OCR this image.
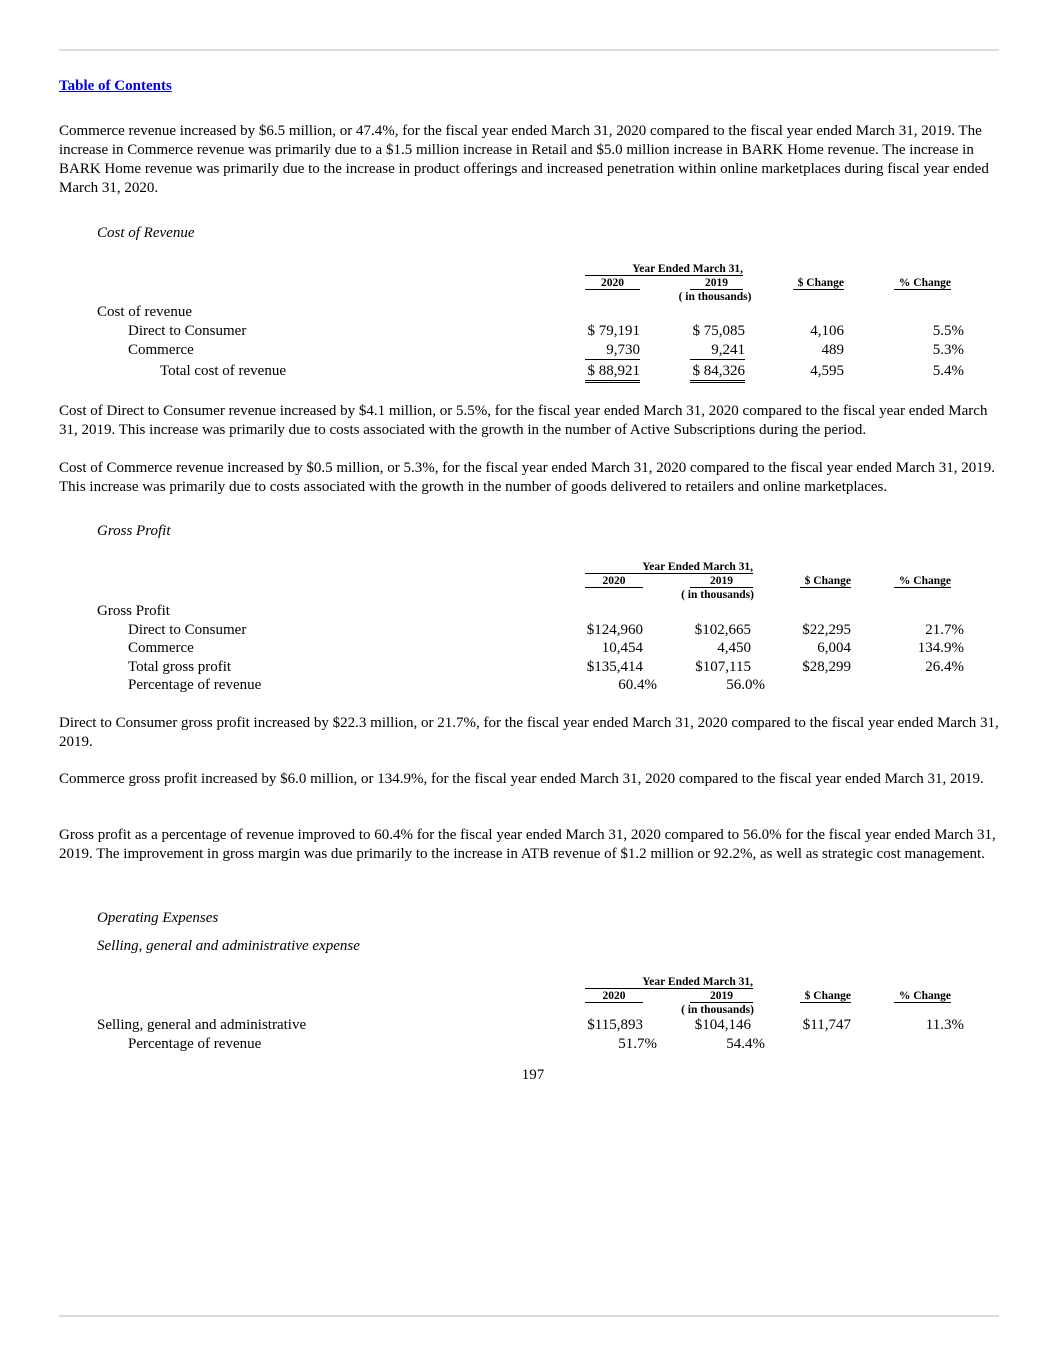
Table of Contents

Commerce revenue increased by $6.5 million, or 47.4%, for the fiscal year ended March 31, 2020 compared to the fiscal year ended March 31, 2019. The increase in Commerce revenue was primarily due to a $1.5 million increase in Retail and $5.0 million increase in BARK Home revenue. The increase in BARK Home revenue was primarily due to the increase in product offerings and increased penetration within online marketplaces during fiscal year ended March 31, 2020.

Cost of Revenue

Year Ended March 31,
2020	2019
( in thousands)
$ Change	% Change
Cost of revenue
Direct to Consumer	$ 79,191	$ 75,085	4,106	5.5%
Commerce	9,730	9,241	489	5.3%
Total cost of revenue	$ 88,921	$ 84,326	4,595	5.4%

Cost of Direct to Consumer revenue increased by $4.1 million, or 5.5%, for the fiscal year ended March 31, 2020 compared to the fiscal year ended March 31, 2019. This increase was primarily due to costs associated with the growth in the number of Active Subscriptions during the period.

Cost of Commerce revenue increased by $0.5 million, or 5.3%, for the fiscal year ended March 31, 2020 compared to the fiscal year ended March 31, 2019. This increase was primarily due to costs associated with the growth in the number of goods delivered to retailers and online marketplaces.

Gross Profit

Year Ended March 31,
2020	2019
( in thousands)
$ Change	% Change
Gross Profit
Direct to Consumer	$124,960	$102,665	$22,295	21.7%
Commerce	10,454	4,450	6,004	134.9%
Total gross profit	$135,414	$107,115	$28,299	26.4%
Percentage of revenue	60.4%	56.0%

Direct to Consumer gross profit increased by $22.3 million, or 21.7%, for the fiscal year ended March 31, 2020 compared to the fiscal year ended March 31, 2019.

Commerce gross profit increased by $6.0 million, or 134.9%, for the fiscal year ended March 31, 2020 compared to the fiscal year ended March 31, 2019.

Gross profit as a percentage of revenue improved to 60.4% for the fiscal year ended March 31, 2020 compared to 56.0% for the fiscal year ended March 31, 2019. The improvement in gross margin was due primarily to the increase in ATB revenue of $1.2 million or 92.2%, as well as strategic cost management.

Operating Expenses

Selling, general and administrative expense

Year Ended March 31,
2020	2019
( in thousands)
$ Change	% Change
Selling, general and administrative	$115,893	$104,146	$11,747	11.3%
Percentage of revenue	51.7%	54.4%
197
